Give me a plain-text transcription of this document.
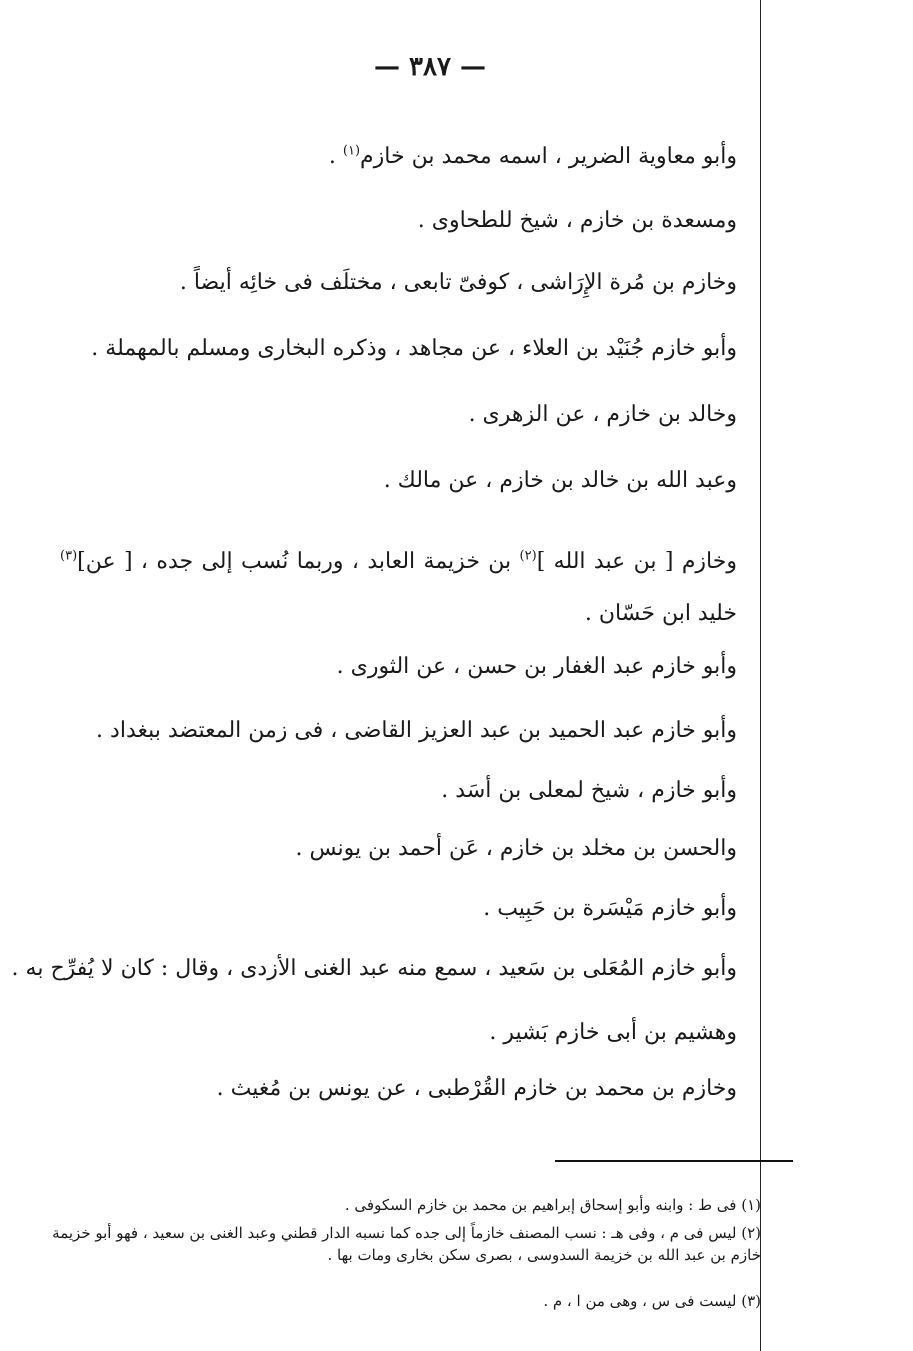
— ٣٨٧ —
وأبو معاوية الضرير ، اسمه محمد بن خازم$^{(١)}$ .
ومسعدة بن خازم ، شيخ للطحاوى .
وخازم بن مُرة الإِرَاشى ، كوفىّ تابعى ، مختلَف فى خائِه أيضاً .
وأبو خازم جُنَيْد بن العلاء ، عن مجاهد ، وذكره البخارى ومسلم بالمهملة .
وخالد بن خازم ، عن الزهرى .
وعبد الله بن خالد بن خازم ، عن مالك .
وخازم [ بن عبد الله ]$^{(٢)}$ بن خزيمة العابد ، وربما نُسب إلى جده ، [ عن]$^{(٣)}$ خليد ابن حَسّان .
وأبو خازم عبد الغفار بن حسن ، عن الثورى .
وأبو خازم عبد الحميد بن عبد العزيز القاضى ، فى زمن المعتضد ببغداد .
وأبو خازم ، شيخ لمعلى بن أسَد .
والحسن بن مخلد بن خازم ، عَن أحمد بن يونس .
وأبو خازم مَيْسَرة بن حَبِيب .
وأبو خازم المُعَلى بن سَعيد ، سمع منه عبد الغنى الأزدى ، وقال : كان لا يُفرِّح به .
وهشيم بن أبى خازم بَشير .
وخازم بن محمد بن خازم القُرْطبى ، عن يونس بن مُغيث .
(١) فى ط : وابنه وأبو إسحاق إبراهيم بن محمد بن خازم السكوفى .
(٢) ليس فى م ، وفى هـ : نسب المصنف خازماً إلى جده كما نسبه الدار قطني وعبد الغنى بن سعيد ، فهو أبو خزيمة خازم بن عبد الله بن خزيمة السدوسى ، بصرى سكن بخارى ومات بها .
(٣) ليست فى س ، وهى من ا ، م .
